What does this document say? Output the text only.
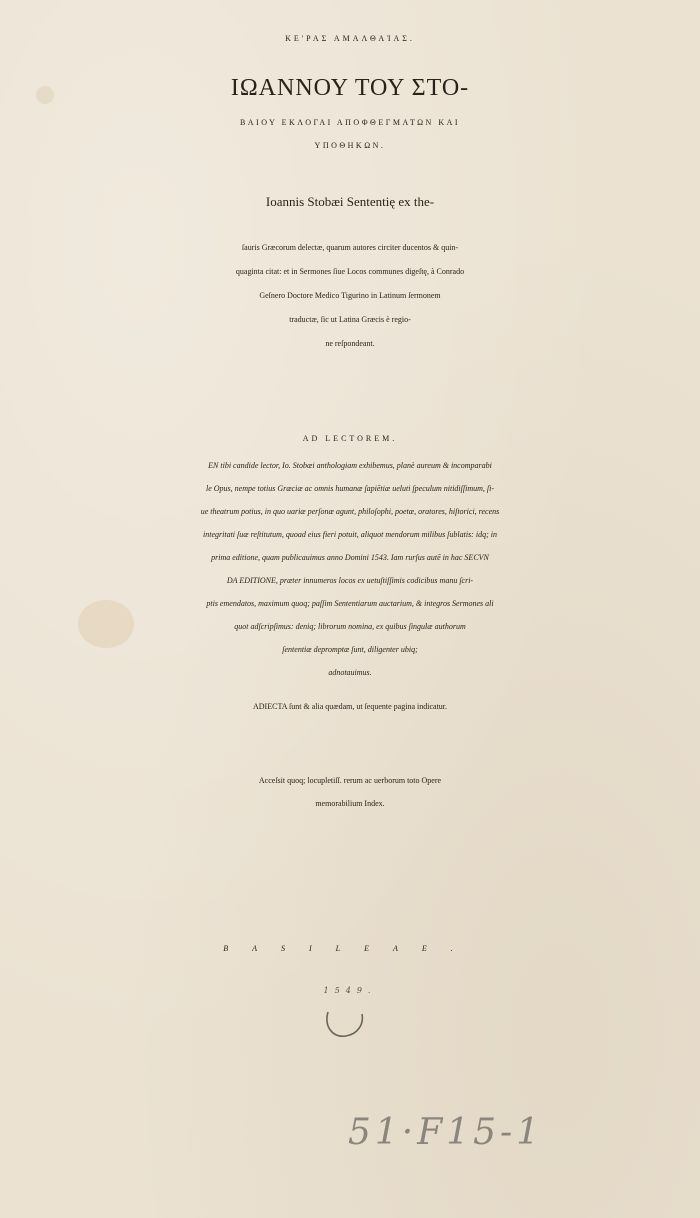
ΚΕ'ΡΑΣ ΑΜΑΛΘΑΊΑΣ.
ΙΩΑΝΝΟΥ ΤΟΥ ΣΤΟ-
ΒΑΙΟΥ ΕΚΛΟΓΑΙ ΑΠΟΦΘΕΓΜΑΤΩΝ ΚΑΙ
ΥΠΟΘΗΚΩΝ.
Ioannis Stobæi Sententię ex the-
ſauris Græcorum delectæ, quarum autores circiter ducentos & quin-
quaginta citat: et in Sermones ſiue Locos communes digeſtę, à Conrado
Geſnero Doctore Medico Tigurino in Latinum ſermonem
traductæ, ſic ut Latina Græcis è regio-
ne reſpondeant.
AD LECTOREM.
EN tibi candide lector, Io. Stobæi anthologiam exhibemus, planè aureum & incomparabi
le Opus, nempe totius Græciæ ac omnis humanæ ſapiētiæ ueluti ſpeculum nitidiſſimum, ſi-
ue theatrum potius, in quo uariæ perſonæ agunt, philoſophi, poetæ, oratores, hiſtorici, recens
integritati ſuæ reſtitutum, quoad eius fieri potuit, aliquot mendorum milibus ſublatis: idq; in
prima editione, quam publicauimus anno Domini 1543. Iam rurſus autē in hac SECVN
DA EDITIONE, præter innumeros locos ex uetuſtiſſimis codicibus manu ſcri-
ptis emendatos, maximum quoq; paſſim Sententiarum auctarium, & integros Sermones ali
quot adſcripſimus: deniq; librorum nomina, ex quibus ſingulæ authorum
ſententiæ depromptæ ſunt, diligenter ubiq;
adnotauimus.
ADIECTA ſunt & alia quædam, ut ſequente pagina indicatur.
Acceſsit quoq; locupletiſſ. rerum ac uerborum toto Opere
memorabilium Index.
BASILEAE.
1549.
51·F15-1
